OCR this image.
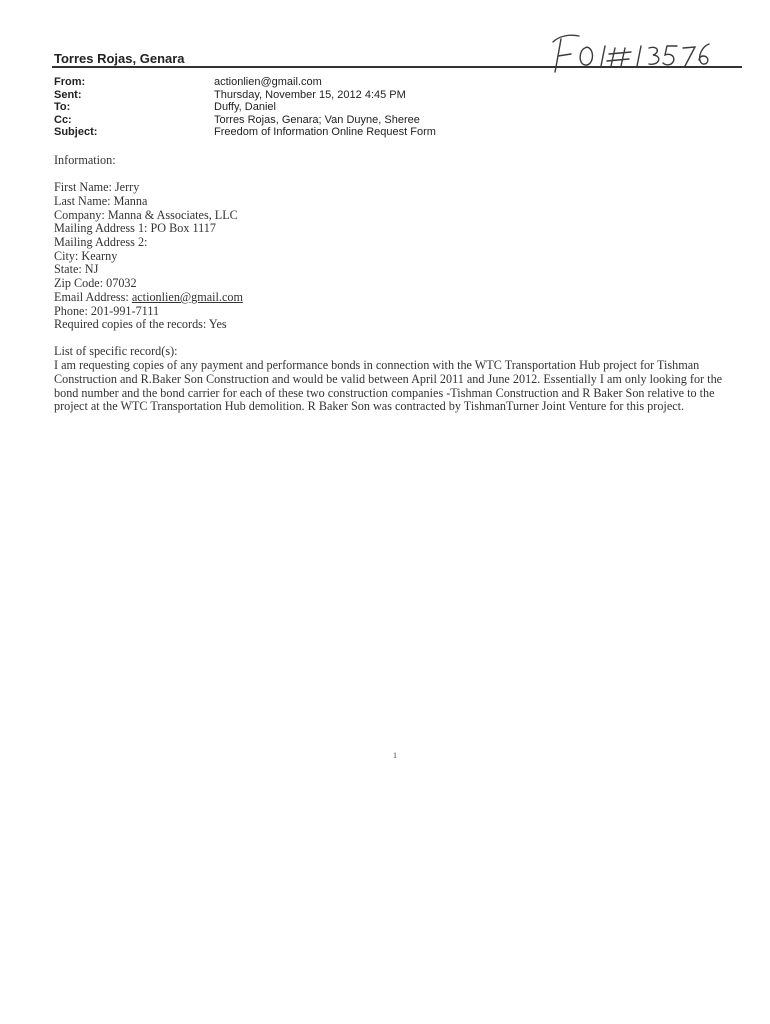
Torres Rojas, Genara
From:	actionlien@gmail.com
Sent:	Thursday, November 15, 2012 4:45 PM
To:	Duffy, Daniel
Cc:	Torres Rojas, Genara; Van Duyne, Sheree
Subject:	Freedom of Information Online Request Form

Information:

First Name: Jerry

Last Name: Manna

Company: Manna & Associates, LLC

Mailing Address 1: PO Box 1117

Mailing Address 2:

City: Kearny

State: NJ

Zip Code: 07032

Email Address: actionlien@gmail.com

Phone: 201-991-7111

Required copies of the records: Yes

List of specific record(s):

I am requesting copies of any payment and performance bonds in connection with the WTC Transportation Hub project for Tishman Construction and R.Baker Son Construction and would be valid between April 2011 and June 2012. Essentially I am only looking for the bond number and the bond carrier for each of these two construction companies -Tishman Construction and R Baker Son relative to the project at the WTC Transportation Hub demolition. R Baker Son was contracted by TishmanTurner Joint Venture for this project.

1
